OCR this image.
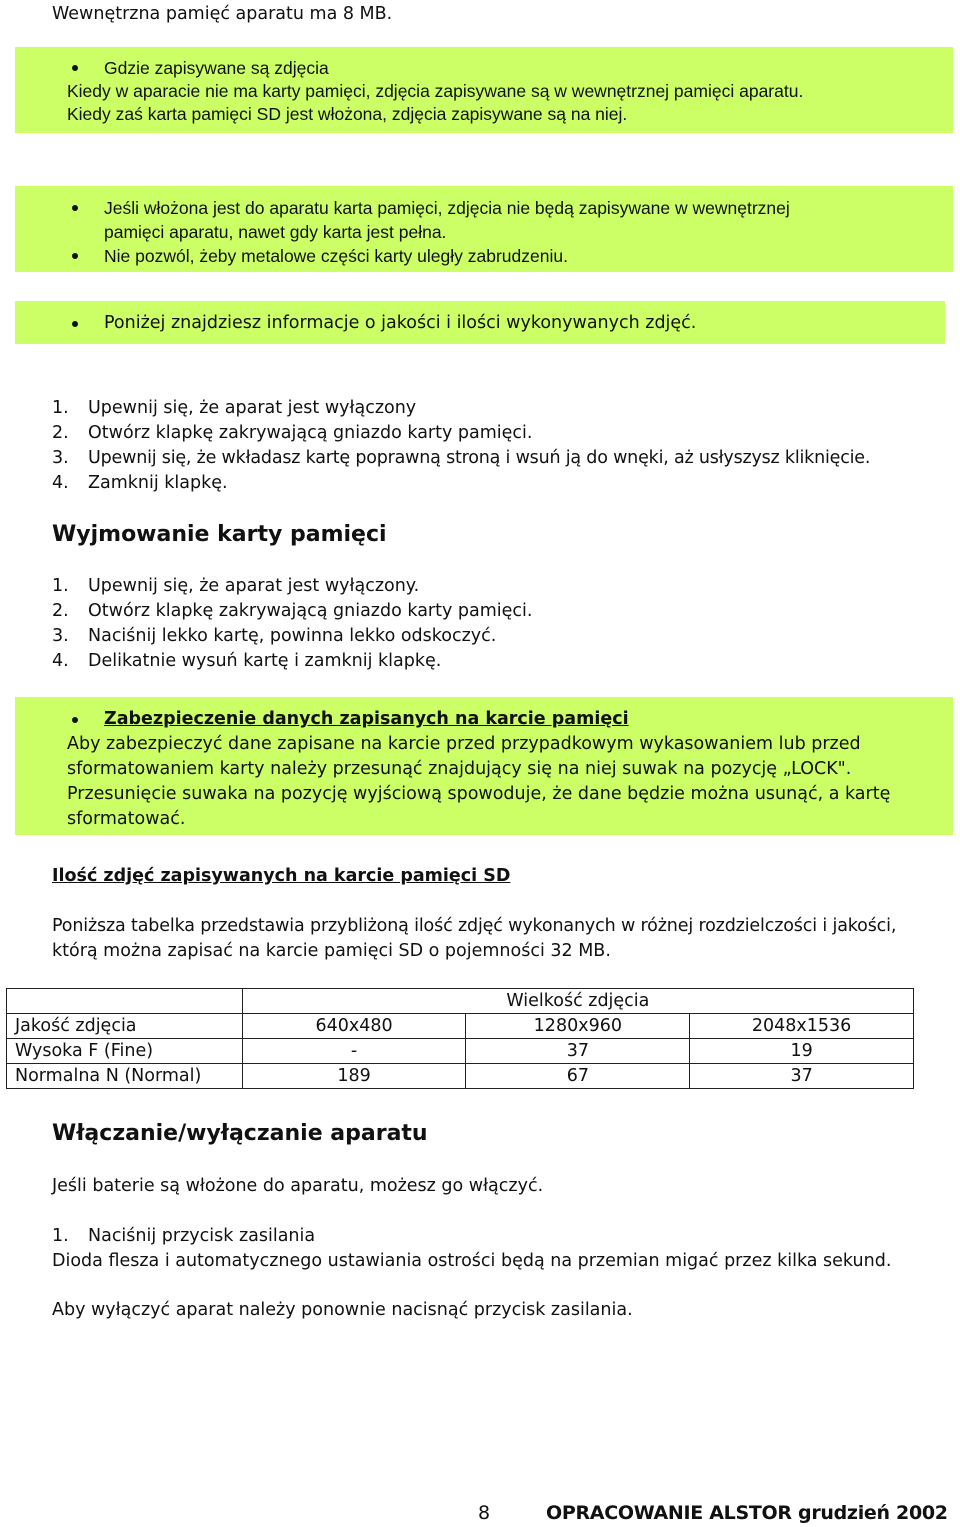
Wewnętrzna pamięć aparatu ma 8 MB.
Gdzie zapisywane są zdjęcia
Kiedy w aparacie nie ma karty pamięci, zdjęcia zapisywane są w wewnętrznej pamięci aparatu.
Kiedy zaś karta pamięci SD jest włożona, zdjęcia zapisywane są na niej.
Jeśli włożona jest do aparatu karta pamięci, zdjęcia nie będą zapisywane w wewnętrznej
pamięci aparatu, nawet gdy karta jest pełna.
Nie pozwól, żeby metalowe części karty uległy zabrudzeniu.
Poniżej znajdziesz informacje o jakości i ilości wykonywanych zdjęć.
1. Upewnij się, że aparat jest wyłączony
2. Otwórz klapkę zakrywającą gniazdo karty pamięci.
3. Upewnij się, że wkładasz kartę poprawną stroną i wsuń ją do wnęki, aż usłyszysz kliknięcie.
4. Zamknij klapkę.
Wyjmowanie karty pamięci
1. Upewnij się, że aparat jest wyłączony.
2. Otwórz klapkę zakrywającą gniazdo karty pamięci.
3. Naciśnij lekko kartę, powinna lekko odskoczyć.
4. Delikatnie wysuń kartę i zamknij klapkę.
Zabezpieczenie danych zapisanych na karcie pamięci
Aby zabezpieczyć dane zapisane na karcie przed przypadkowym wykasowaniem lub przed
sformatowaniem karty należy przesunąć znajdujący się na niej suwak na pozycję „LOCK".
Przesunięcie suwaka na pozycję wyjściową spowoduje, że dane będzie można usunąć, a kartę
sformatować.
Ilość zdjęć zapisywanych na karcie pamięci SD
Poniższa tabelka przedstawia przybliżoną ilość zdjęć wykonanych w różnej rozdzielczości i jakości,
którą można zapisać na karcie pamięci SD o pojemności 32 MB.
	Wielkość zdjęcia		
Jakość zdjęcia	640x480	1280x960	2048x1536
Wysoka F (Fine)	-	37	19
Normalna N (Normal)	189	67	37
Włączanie/wyłączanie aparatu
Jeśli baterie są włożone do aparatu, możesz go włączyć.
1. Naciśnij przycisk zasilania
Dioda flesza i automatycznego ustawiania ostrości będą na przemian migać przez kilka sekund.
Aby wyłączyć aparat należy ponownie nacisnąć przycisk zasilania.
8	OPRACOWANIE ALSTOR grudzień 2002
